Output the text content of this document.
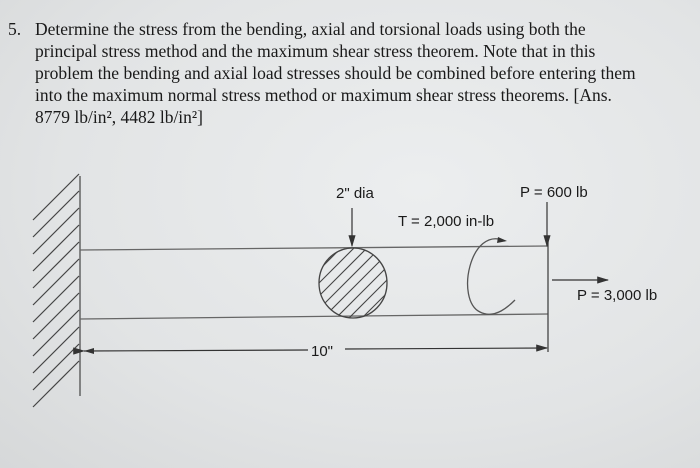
5. Determine the stress from the bending, axial and torsional loads using both the
principal stress method and the maximum shear stress theorem. Note that in this
problem the bending and axial load stresses should be combined before entering them
into the maximum normal stress method or maximum shear stress theorems. [Ans.
8779 lb/in², 4482 lb/in²]
2" dia
T = 2,000 in-lb
P = 600 lb
P = 3,000 lb
10"
